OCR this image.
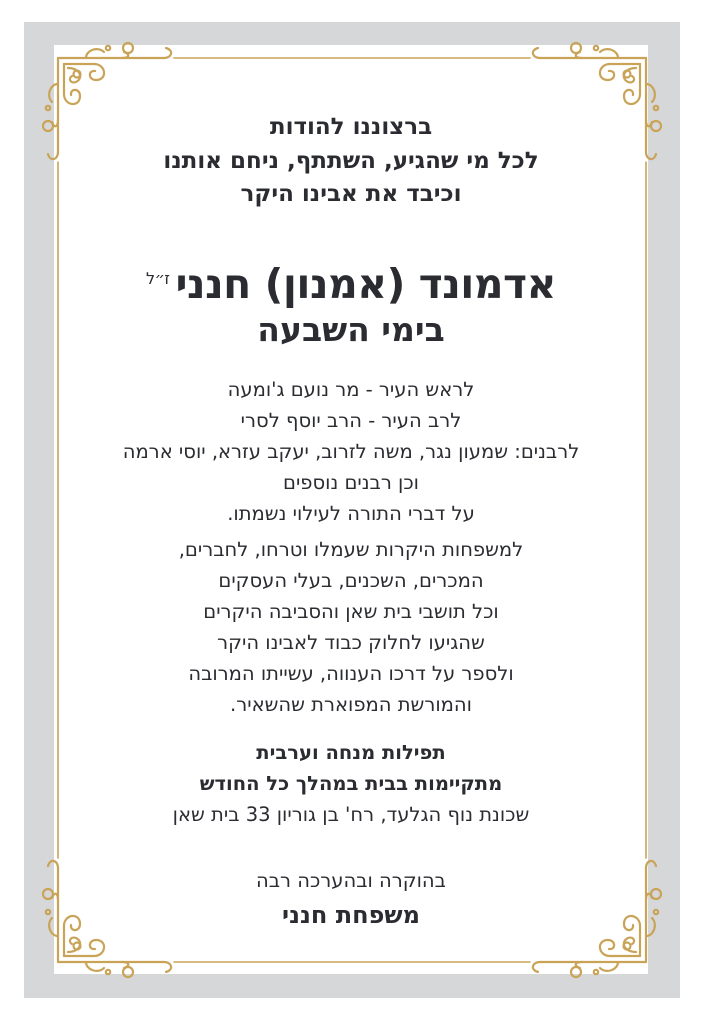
ברצוננו להודות
לכל מי שהגיע, השתתף, ניחם אותנו
וכיבד את אבינו היקר
אדמונד (אמנון) חנני$^{ז״ל}$
בימי השבעה
לראש העיר - מר נועם ג'ומעה
לרב העיר - הרב יוסף לסרי
לרבנים: שמעון נגר, משה לזרוב, יעקב עזרא, יוסי ארמה
וכן רבנים נוספים
על דברי התורה לעילוי נשמתו.
למשפחות היקרות שעמלו וטרחו, לחברים,
המכרים, השכנים, בעלי העסקים
וכל תושבי בית שאן והסביבה היקרים
שהגיעו לחלוק כבוד לאבינו היקר
ולספר על דרכו הענווה, עשייתו המרובה
והמורשת המפוארת שהשאיר.
תפילות מנחה וערבית
מתקיימות בבית במהלך כל החודש
שכונת נוף הגלעד, רח' בן גוריון 33 בית שאן
בהוקרה ובהערכה רבה
משפחת חנני
